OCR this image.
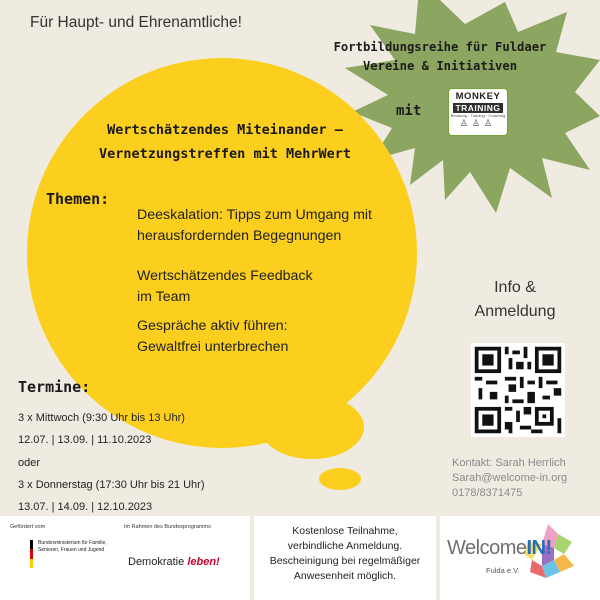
Für Haupt- und Ehrenamtliche!
Fortbildungsreihe für Fuldaer
Vereine & Initiativen
mit
MONKEY
TRAINING
Beratung · Training · Coaching
♙♙♙
Wertschätzendes Miteinander –
Vernetzungstreffen mit MehrWert
Themen:
Deeskalation: Tipps zum Umgang mit
herausfordernden Begegnungen
Wertschätzendes Feedback
im Team
Gespräche aktiv führen:
Gewaltfrei unterbrechen
Termine:
3 x Mittwoch (9:30 Uhr bis 13 Uhr)
12.07. | 13.09. | 11.10.2023
oder
3 x Donnerstag (17:30 Uhr bis 21 Uhr)
13.07. | 14.09. | 12.10.2023
Info &
Anmeldung
Kontakt: Sarah Herrlich
Sarah@welcome-in.org
0178/8371475
Gefördert vom	Im Rahmen des Bundesprogramms
Bundesministerium für Familie, Senioren, Frauen und Jugend
Demokratie leben!
Kostenlose Teilnahme,
verbindliche Anmeldung.
Bescheinigung bei regelmäßiger
Anwesenheit möglich.
WelcomeIN!
Fulda e.V.
